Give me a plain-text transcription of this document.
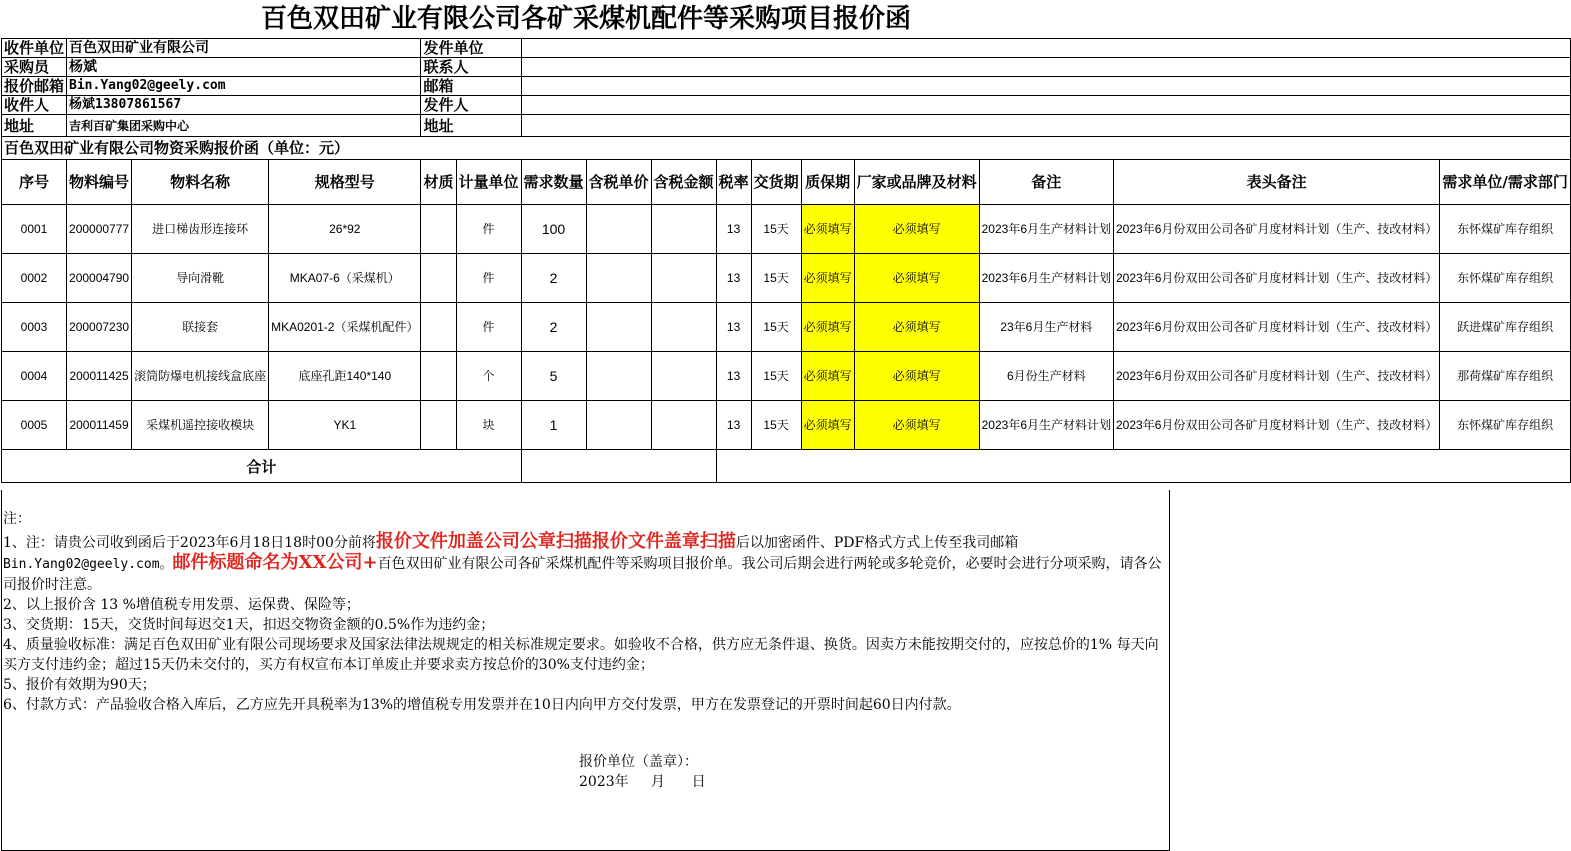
百色双田矿业有限公司各矿采煤机配件等采购项目报价函
收件单位	百色双田矿业有限公司			发件单位											
采购员	杨斌			联系人											
报价邮箱	Bin.Yang02@geely.com			邮箱											
收件人	杨斌13807861567			发件人											
地址	吉利百矿集团采购中心			地址											
百色双田矿业有限公司物资采购报价函（单位：元）															
序号	物料编号	物料名称	规格型号	材质	计量单位	需求数量	含税单价	含税金额	税率	交货期	质保期	厂家或品牌及材料	备注	表头备注	需求单位/需求部门
0001	200000777	进口梯齿形连接环	26*92		件	100			13	15天	必须填写	必须填写	2023年6月生产材料计划	2023年6月份双田公司各矿月度材料计划（生产、技改材料）	东怀煤矿库存组织
0002	200004790	导向滑靴	MKA07-6（采煤机）		件	2			13	15天	必须填写	必须填写	2023年6月生产材料计划	2023年6月份双田公司各矿月度材料计划（生产、技改材料）	东怀煤矿库存组织
0003	200007230	联接套	MKA0201-2（采煤机配件）		件	2			13	15天	必须填写	必须填写	23年6月生产材料	2023年6月份双田公司各矿月度材料计划（生产、技改材料）	跃进煤矿库存组织
0004	200011425	滚筒防爆电机接线盒底座	底座孔距140*140		个	5			13	15天	必须填写	必须填写	6月份生产材料	2023年6月份双田公司各矿月度材料计划（生产、技改材料）	那荷煤矿库存组织
0005	200011459	采煤机遥控接收模块	YK1		块	1			13	15天	必须填写	必须填写	2023年6月生产材料计划	2023年6月份双田公司各矿月度材料计划（生产、技改材料）	东怀煤矿库存组织
合计															

注：

1、注：请贵公司收到函后于2023年6月18日18时00分前将报价文件加盖公司公章扫描报价文件盖章扫描后以加密函件、PDF格式方式上传至我司邮箱
Bin.Yang02@geely.com。邮件标题命名为XX公司+百色双田矿业有限公司各矿采煤机配件等采购项目报价单。我公司后期会进行两轮或多轮竞价，必要时会进行分项采购，请各公司报价时注意。

2、以上报价含 13 %增值税专用发票、运保费、保险等；

3、交货期：15天，交货时间每迟交1天，扣迟交物资金额的0.5%作为违约金；

4、质量验收标准：满足百色双田矿业有限公司现场要求及国家法律法规规定的相关标准规定要求。如验收不合格，供方应无条件退、换货。因卖方未能按期交付的，应按总价的1% 每天向买方支付违约金；超过15天仍未交付的，买方有权宣布本订单废止并要求卖方按总价的30%支付违约金；

5、报价有效期为90天；

6、付款方式：产品验收合格入库后，乙方应先开具税率为13%的增值税专用发票并在10日内向甲方交付发票，甲方在发票登记的开票时间起60日内付款。

报价单位（盖章）：
2023年     月      日
